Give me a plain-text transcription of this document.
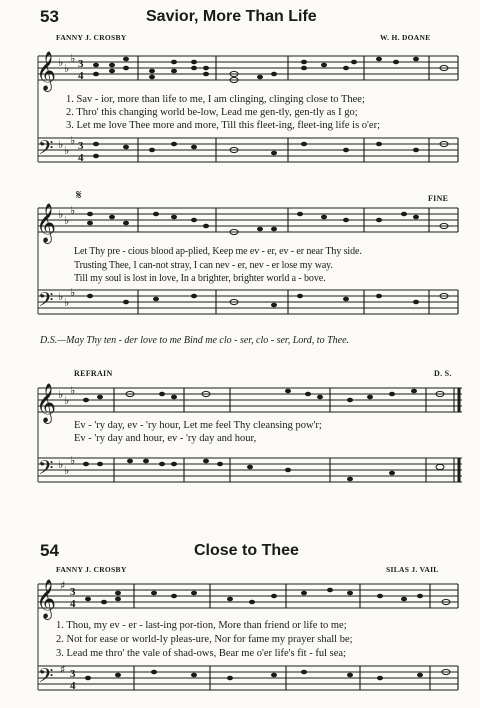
53	Savior, More Than Life
FANNY J. CROSBY	W. H. DOANE
𝄞 ♭ ♭
♭ 3
4
𝄢 ♭ ♭
♭ 3
4
1. Sav - ior, more than life to me, I am clinging, clinging close to Thee;
2. Thro' this changing world be-low, Lead me gen-tly, gen-tly as I go;
3. Let me love Thee more and more, Till this fleet-ing, fleet-ing life is o'er;
𝄋	FINE
𝄞 ♭ ♭
♭
𝄢 ♭ ♭
♭
Let Thy pre - cious blood ap-plied, Keep me ev - er, ev - er near Thy side.
Trusting Thee, I can-not stray, I can nev - er, nev - er lose my way.
Till my soul is lost in love, In a brighter, brighter world a - bove.
D.S.—May Thy ten - der love to me Bind me clo - ser, clo - ser, Lord, to Thee.
REFRAIN	D. S.
𝄞 ♭ ♭
♭
𝄢 ♭ ♭
♭
Ev - 'ry day, ev - 'ry hour, Let me feel Thy cleansing pow'r;
Ev - 'ry day and hour, ev - 'ry day and hour,
54	Close to Thee
FANNY J. CROSBY	SILAS J. VAIL
𝄞 ♯ 3
4
𝄢 ♯ 3
4
1. Thou, my ev - er - last-ing por-tion, More than friend or life to me;
2. Not for ease or world-ly pleas-ure, Nor for fame my prayer shall be;
3. Lead me thro' the vale of shad-ows, Bear me o'er life's fit - ful sea;
